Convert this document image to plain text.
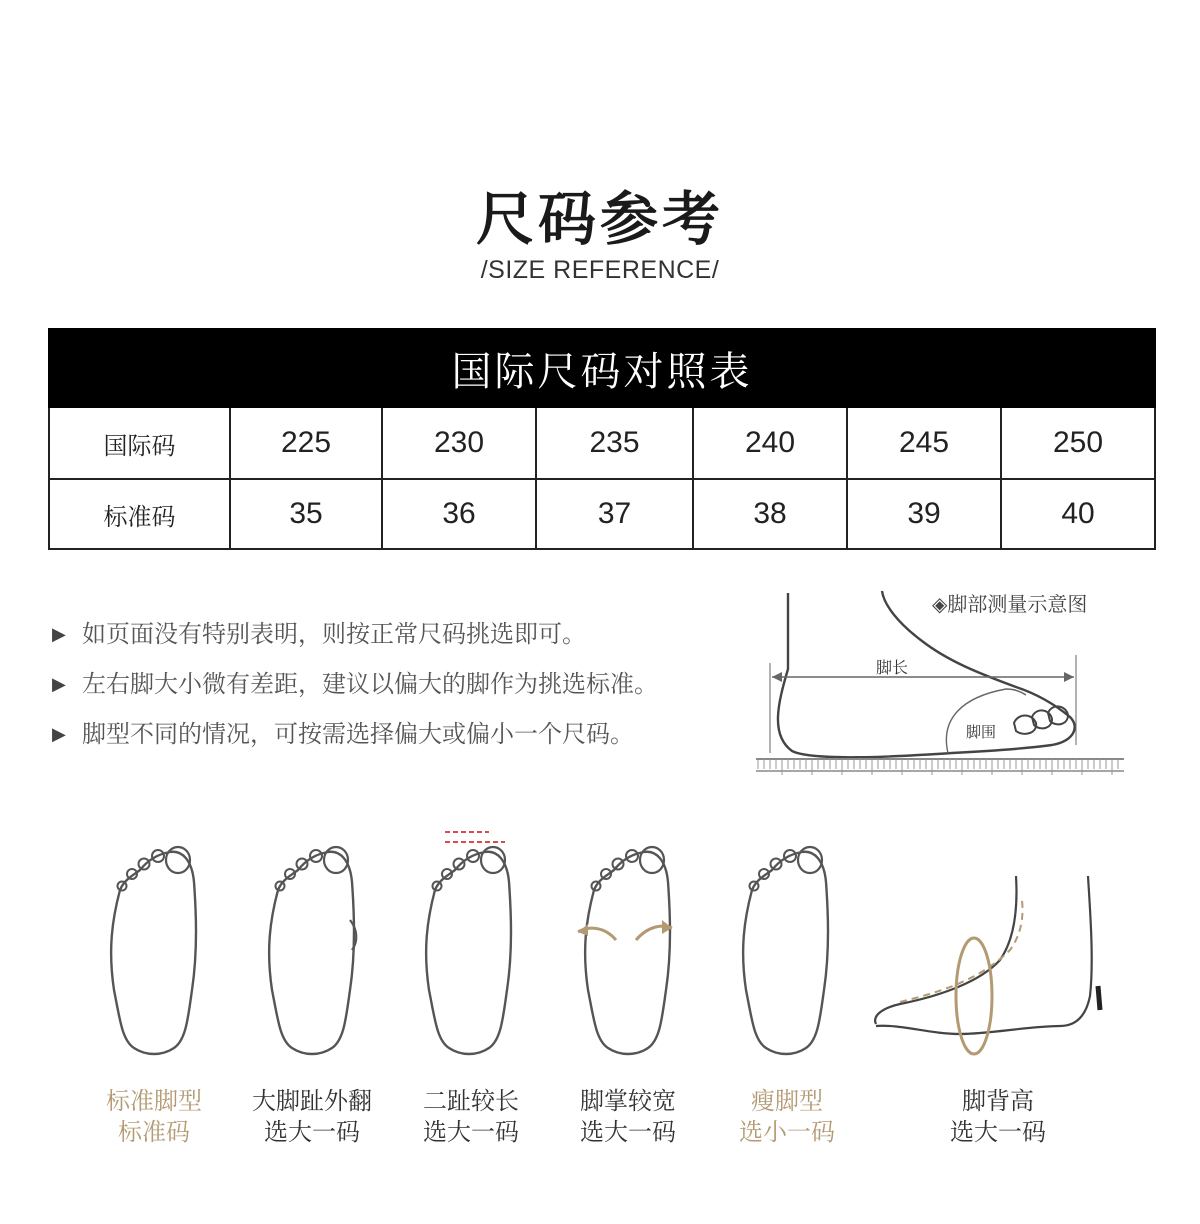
尺码参考
/SIZE REFERENCE/
国际尺码对照表						
国际码	225	230	235	240	245	250
标准码	35	36	37	38	39	40
▶ 如页面没有特别表明，则按正常尺码挑选即可。
▶ 左右脚大小微有差距，建议以偏大的脚作为挑选标准。
▶ 脚型不同的情况，可按需选择偏大或偏小一个尺码。
◈脚部测量示意图
脚长
脚围
标准脚型
标准码
大脚趾外翻
选大一码
二趾较长
选大一码
脚掌较宽
选大一码
瘦脚型
选小一码
脚背高
选大一码
